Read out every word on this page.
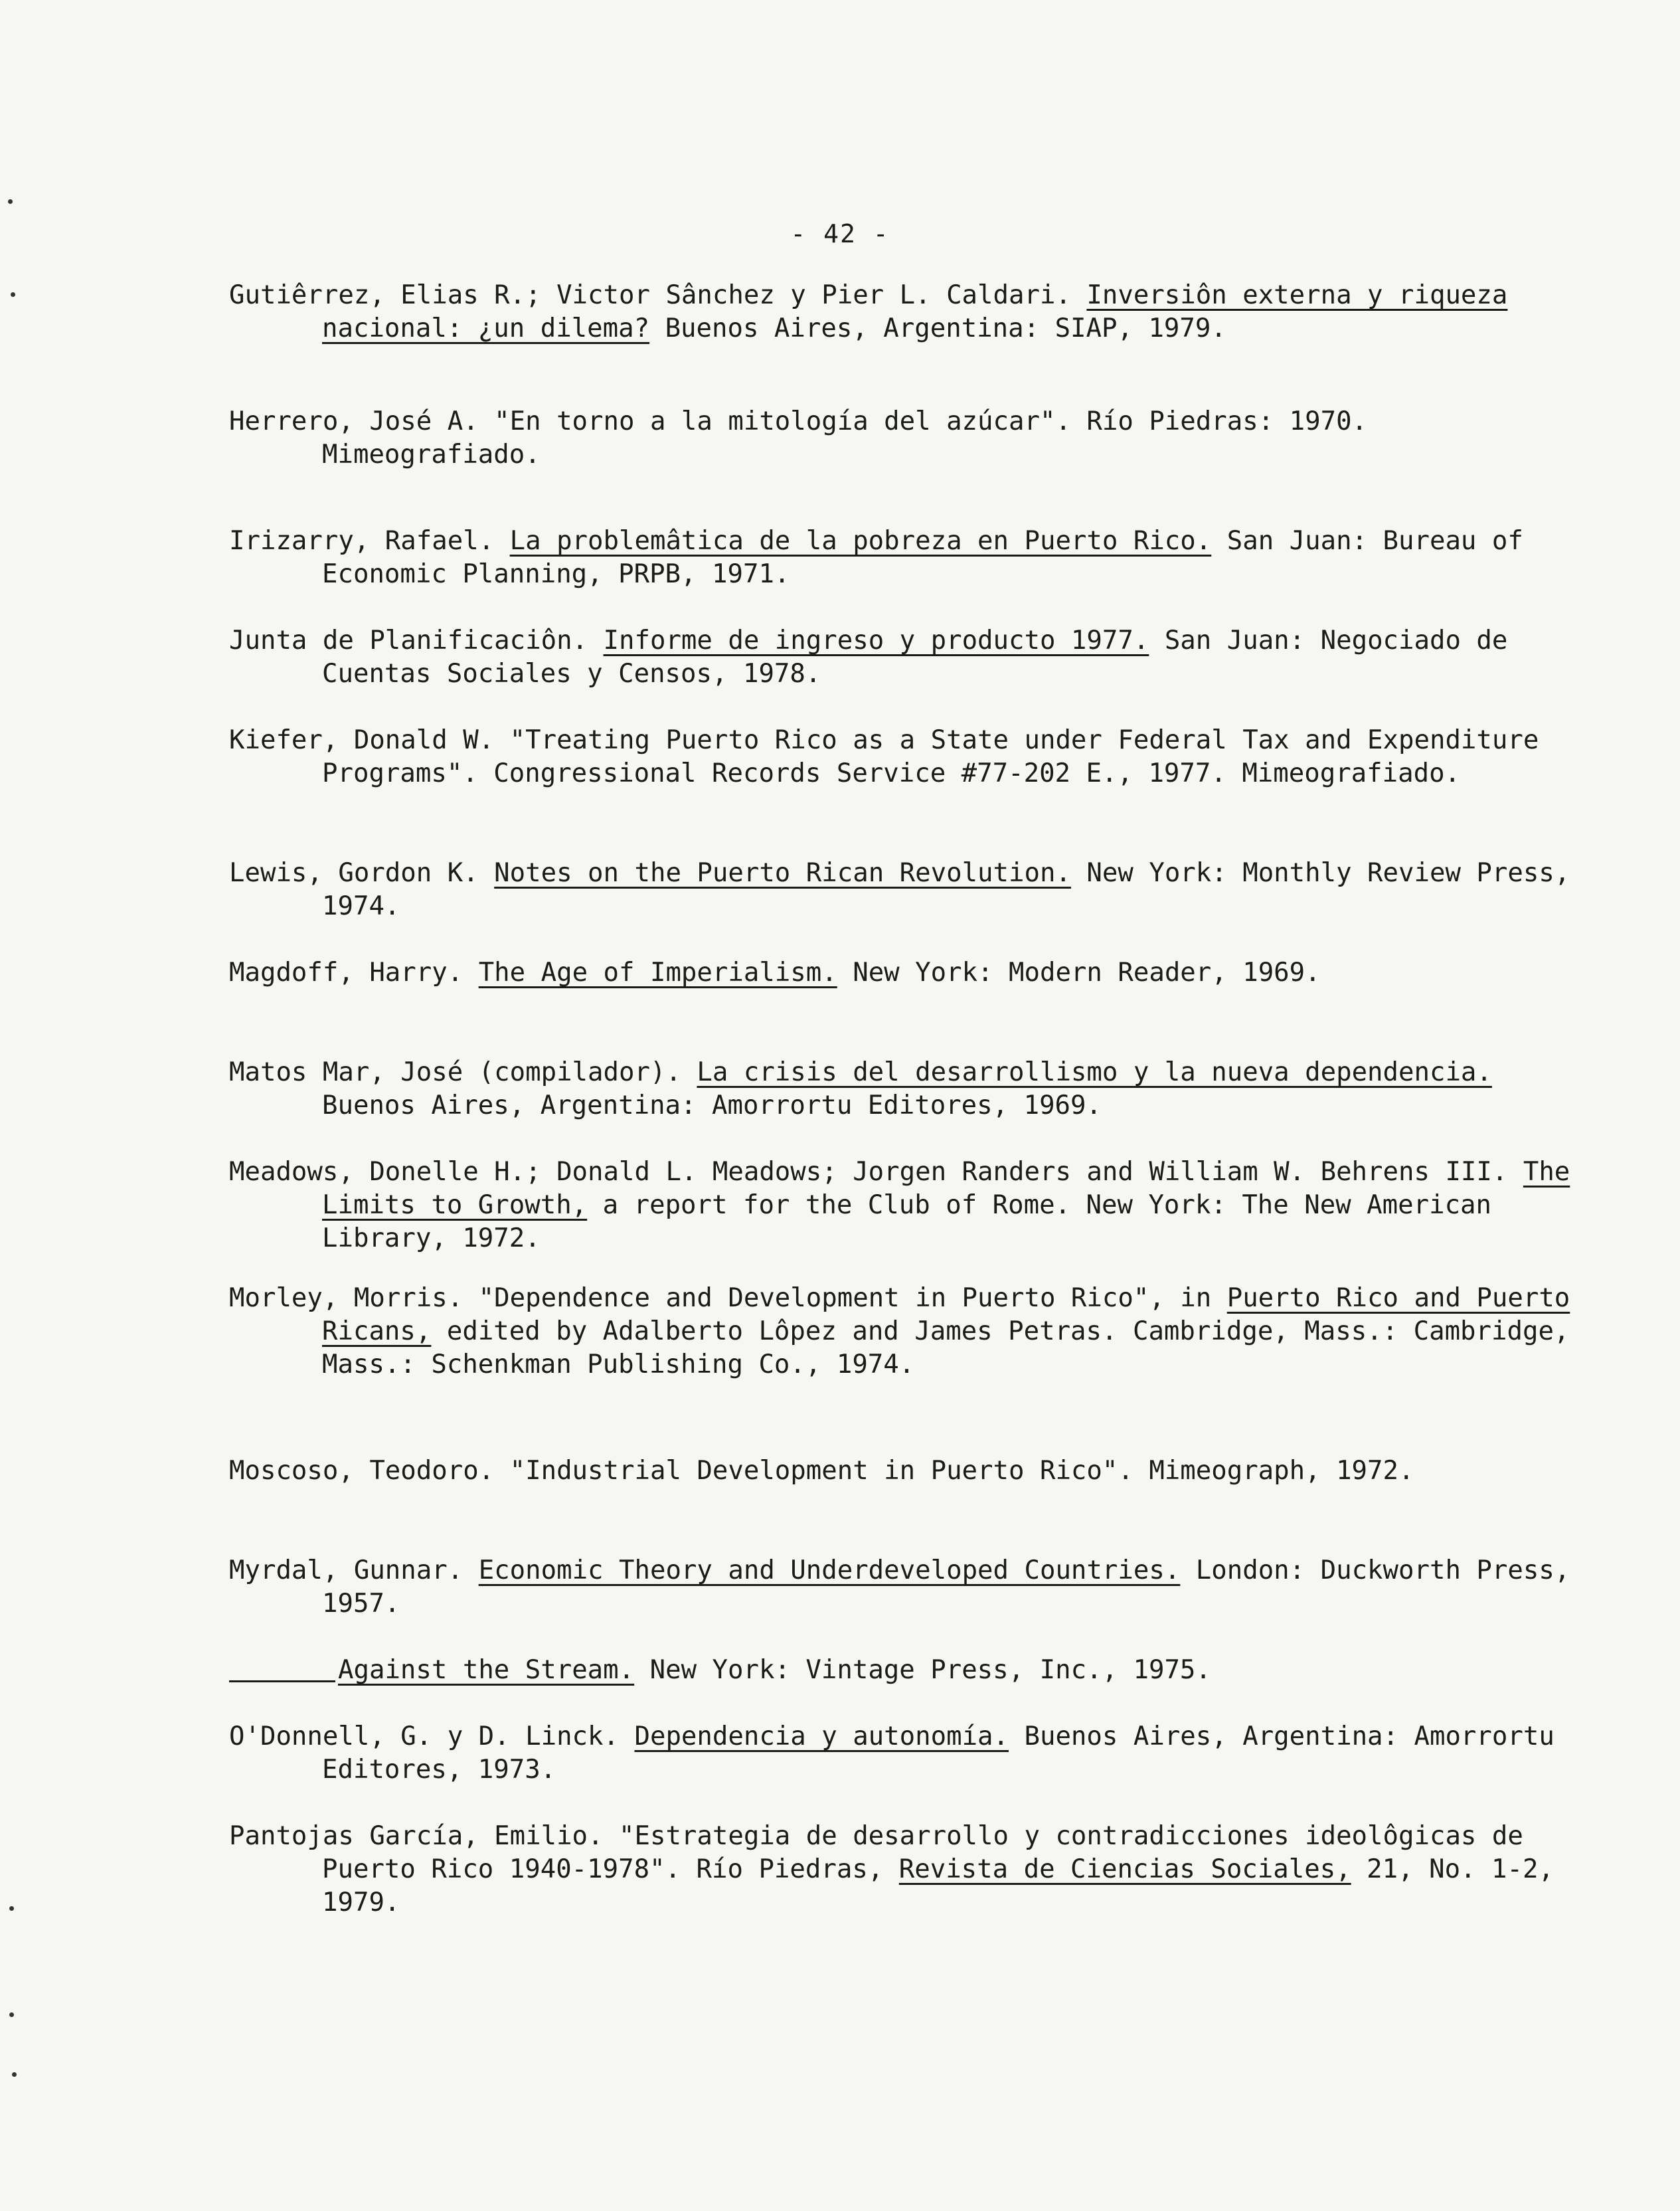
- 42 -
Gutiêrrez, Elias R.; Victor Sânchez y Pier L. Caldari. Inversiôn externa y riqueza nacional: ¿un dilema? Buenos Aires, Argentina: SIAP, 1979.
Herrero, José A. "En torno a la mitología del azúcar". Río Piedras: 1970. Mimeografiado.
Irizarry, Rafael. La problemâtica de la pobreza en Puerto Rico. San Juan: Bureau of Economic Planning, PRPB, 1971.
Junta de Planificaciôn. Informe de ingreso y producto 1977. San Juan: Negociado de Cuentas Sociales y Censos, 1978.
Kiefer, Donald W. "Treating Puerto Rico as a State under Federal Tax and Expenditure Programs". Congressional Records Service #77-202 E., 1977. Mimeografiado.
Lewis, Gordon K. Notes on the Puerto Rican Revolution. New York: Monthly Review Press, 1974.
Magdoff, Harry. The Age of Imperialism. New York: Modern Reader, 1969.
Matos Mar, José (compilador). La crisis del desarrollismo y la nueva dependencia. Buenos Aires, Argentina: Amorrortu Editores, 1969.
Meadows, Donelle H.; Donald L. Meadows; Jorgen Randers and William W. Behrens III. The Limits to Growth, a report for the Club of Rome. New York: The New American Library, 1972.
Morley, Morris. "Dependence and Development in Puerto Rico", in Puerto Rico and Puerto Ricans, edited by Adalberto Lôpez and James Petras. Cambridge, Mass.: Cambridge, Mass.: Schenkman Publishing Co., 1974.
Moscoso, Teodoro. "Industrial Development in Puerto Rico". Mimeograph, 1972.
Myrdal, Gunnar. Economic Theory and Underdeveloped Countries. London: Duckworth Press, 1957.
Against the Stream. New York: Vintage Press, Inc., 1975.
O'Donnell, G. y D. Linck. Dependencia y autonomía. Buenos Aires, Argentina: Amorrortu Editores, 1973.
Pantojas García, Emilio. "Estrategia de desarrollo y contradicciones ideolôgicas de Puerto Rico 1940-1978". Río Piedras, Revista de Ciencias Sociales, 21, No. 1-2, 1979.
